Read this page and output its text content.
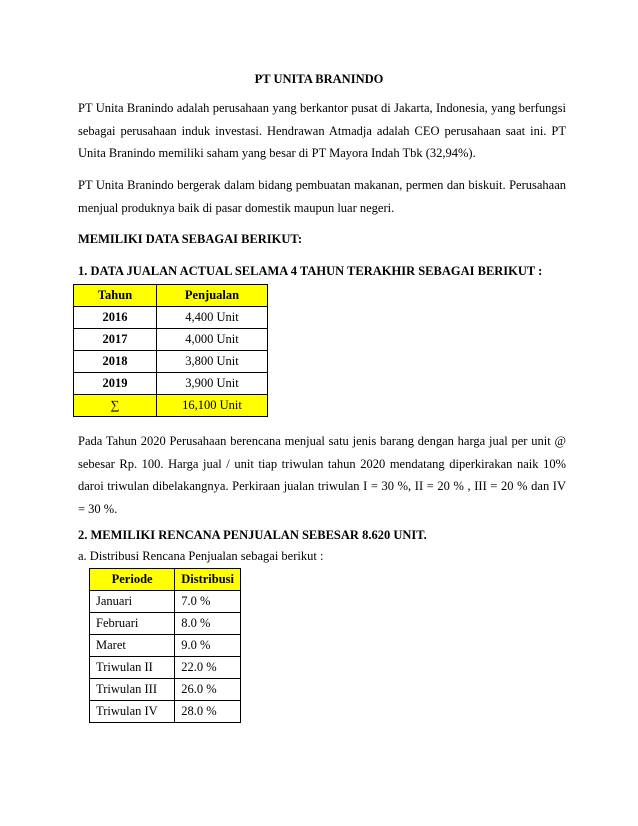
PT UNITA BRANINDO
PT Unita Branindo adalah perusahaan yang berkantor pusat di Jakarta, Indonesia, yang berfungsi sebagai perusahaan induk investasi. Hendrawan Atmadja adalah CEO perusahaan saat ini. PT Unita Branindo memiliki saham yang besar di PT Mayora Indah Tbk (32,94%).
PT Unita Branindo bergerak dalam bidang pembuatan makanan, permen dan biskuit. Perusahaan menjual produknya baik di pasar domestik maupun luar negeri.
MEMILIKI DATA SEBAGAI BERIKUT:
1. DATA JUALAN ACTUAL SELAMA 4 TAHUN TERAKHIR SEBAGAI BERIKUT :
Tahun	Penjualan
2016	4,400 Unit
2017	4,000 Unit
2018	3,800 Unit
2019	3,900 Unit
∑	16,100 Unit
Pada Tahun 2020 Perusahaan berencana menjual satu jenis barang dengan harga jual per unit @ sebesar Rp. 100. Harga jual / unit tiap triwulan tahun 2020 mendatang diperkirakan naik 10% daroi triwulan dibelakangnya. Perkiraan jualan triwulan I = 30 %, II = 20 % , III = 20 % dan IV = 30 %.
2. MEMILIKI RENCANA PENJUALAN SEBESAR 8.620 UNIT.
a. Distribusi Rencana Penjualan sebagai berikut :
Periode	Distribusi
Januari	7.0 %
Februari	8.0 %
Maret	9.0 %
Triwulan II	22.0 %
Triwulan III	26.0 %
Triwulan IV	28.0 %
